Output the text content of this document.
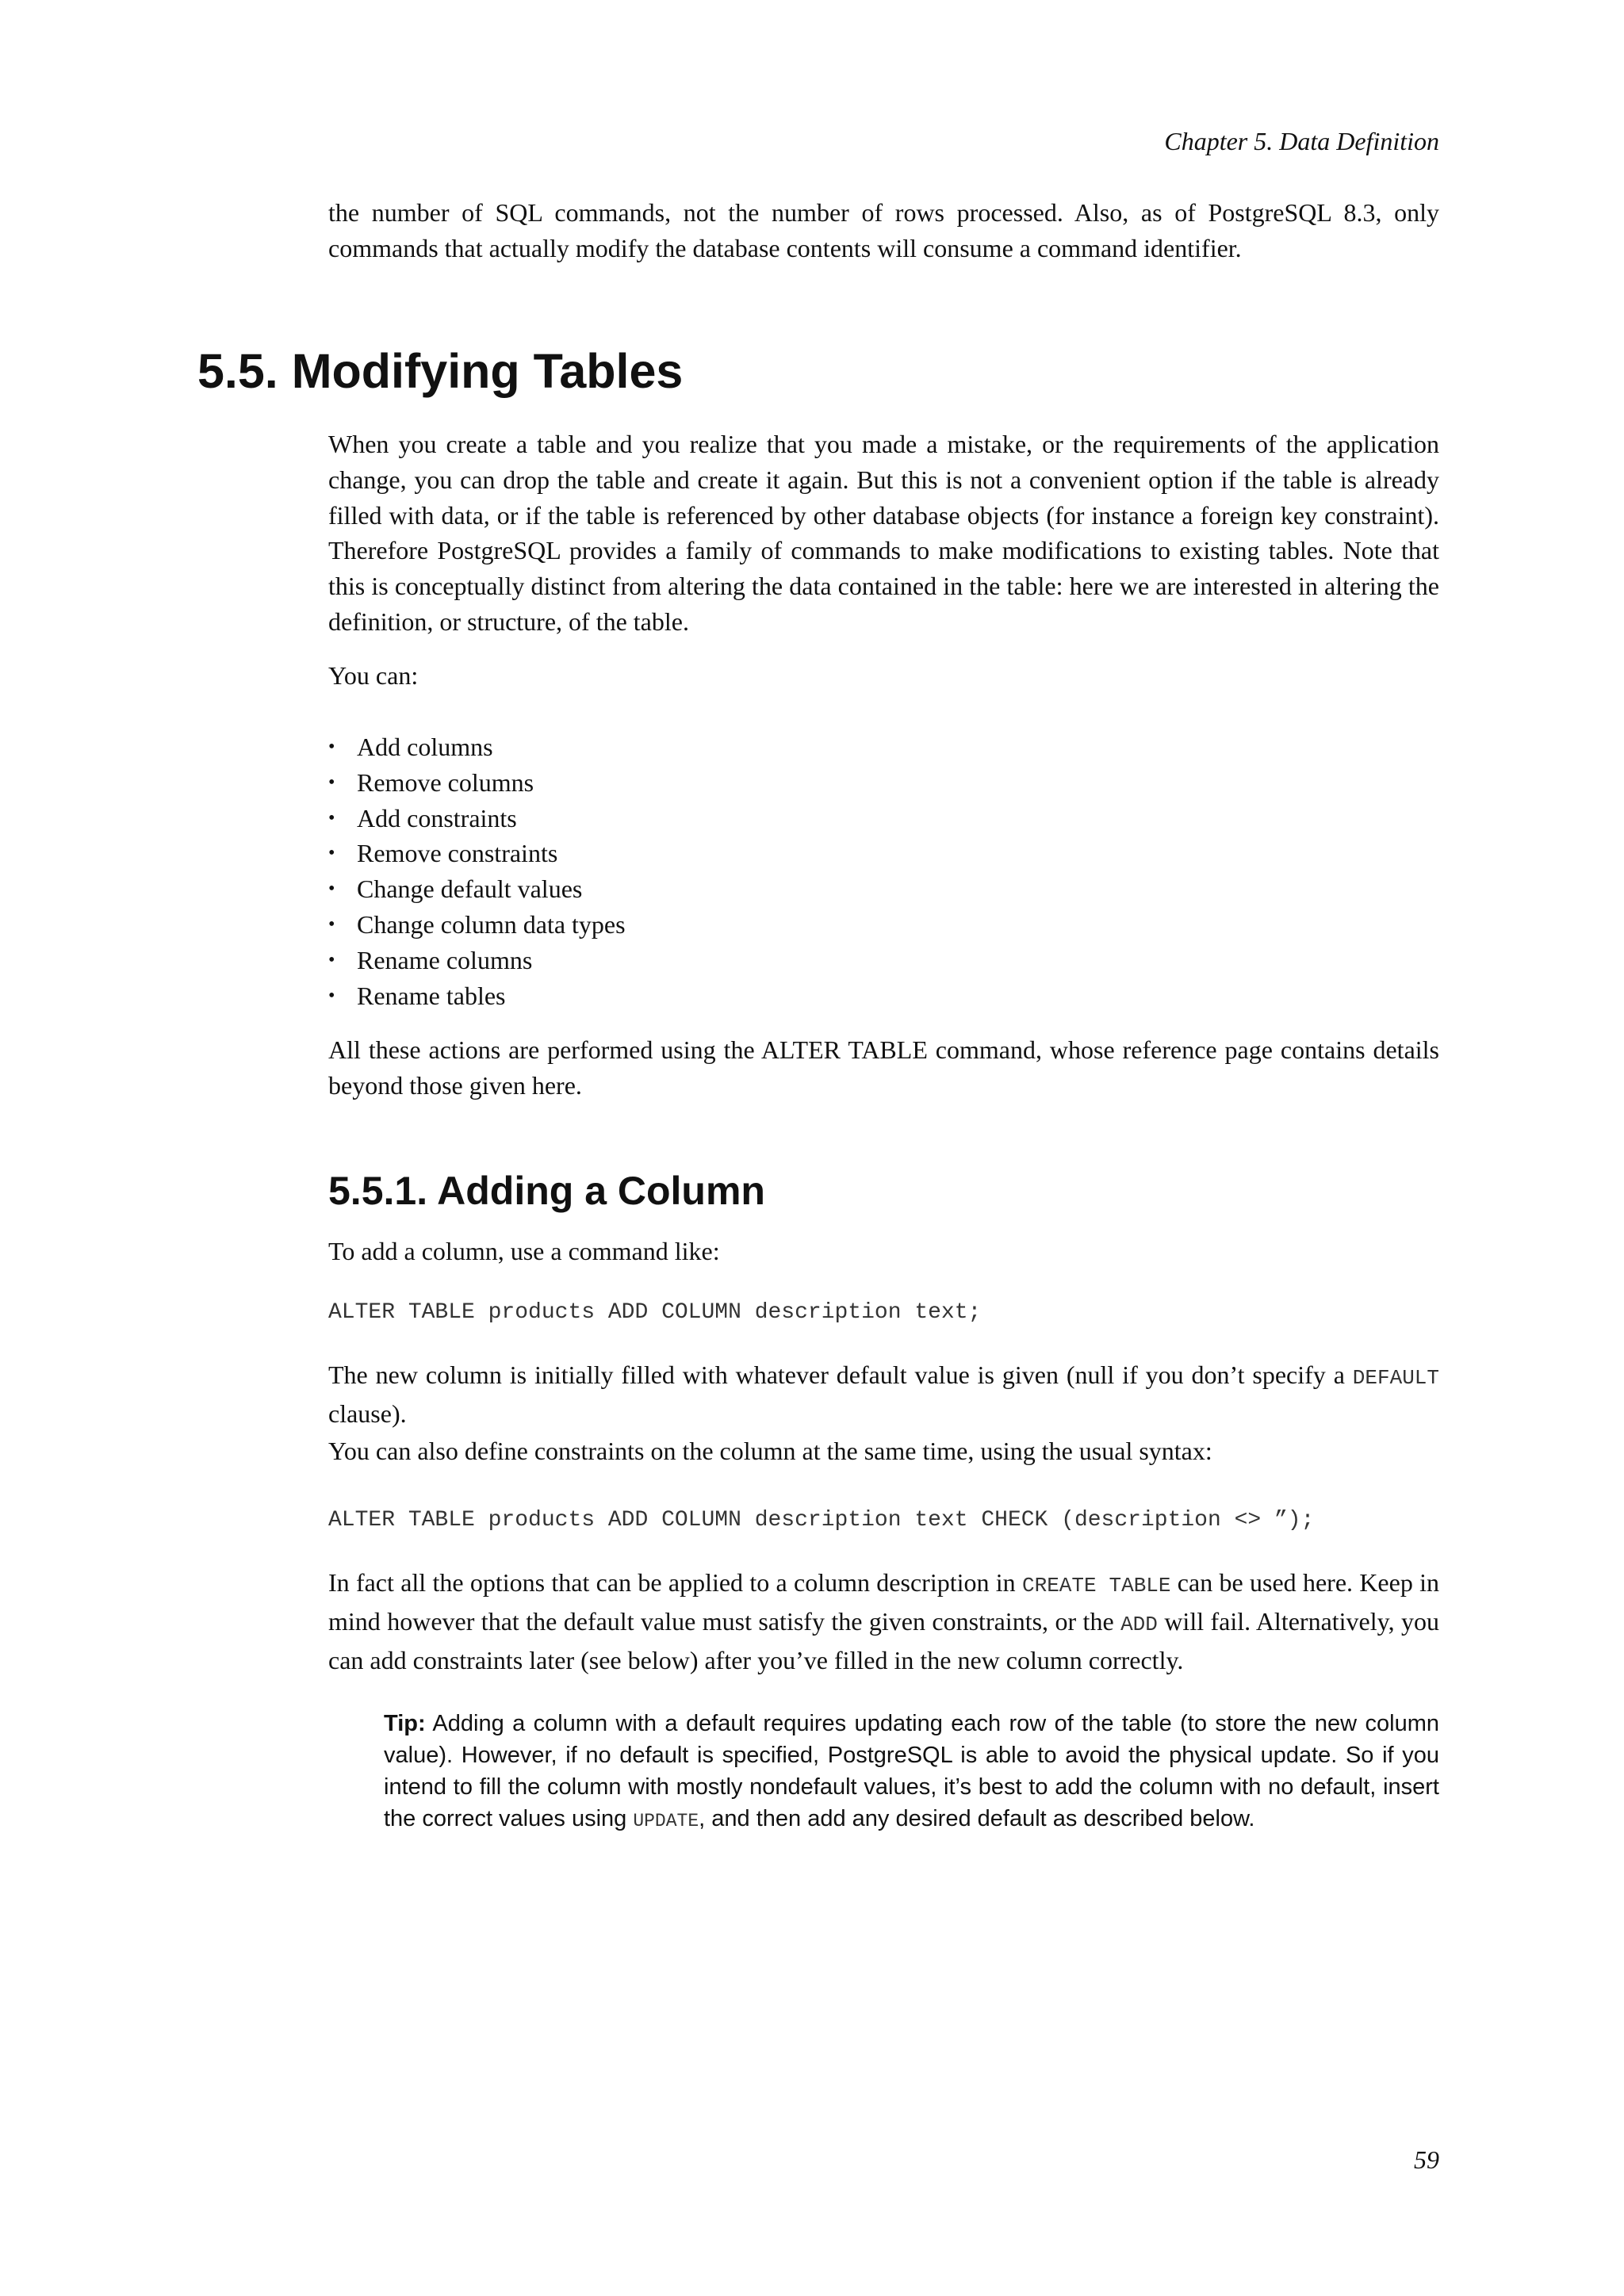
Chapter 5. Data Definition

the number of SQL commands, not the number of rows processed. Also, as of PostgreSQL 8.3, only commands that actually modify the database contents will consume a command identifier.

5.5. Modifying Tables

When you create a table and you realize that you made a mistake, or the requirements of the application change, you can drop the table and create it again. But this is not a convenient option if the table is already filled with data, or if the table is referenced by other database objects (for instance a foreign key constraint). Therefore PostgreSQL provides a family of commands to make modifications to existing tables. Note that this is conceptually distinct from altering the data contained in the table: here we are interested in altering the definition, or structure, of the table.

You can:

• Add columns
• Remove columns
• Add constraints
• Remove constraints
• Change default values
• Change column data types
• Rename columns
• Rename tables

All these actions are performed using the ALTER TABLE command, whose reference page contains details beyond those given here.

5.5.1. Adding a Column

To add a column, use a command like:

ALTER TABLE products ADD COLUMN description text;

The new column is initially filled with whatever default value is given (null if you don’t specify a DEFAULT clause).

You can also define constraints on the column at the same time, using the usual syntax:

ALTER TABLE products ADD COLUMN description text CHECK (description <> ”);

In fact all the options that can be applied to a column description in CREATE TABLE can be used here. Keep in mind however that the default value must satisfy the given constraints, or the ADD will fail. Alternatively, you can add constraints later (see below) after you’ve filled in the new column correctly.

Tip: Adding a column with a default requires updating each row of the table (to store the new column value). However, if no default is specified, PostgreSQL is able to avoid the physical update. So if you intend to fill the column with mostly nondefault values, it’s best to add the column with no default, insert the correct values using UPDATE, and then add any desired default as described below.
59
